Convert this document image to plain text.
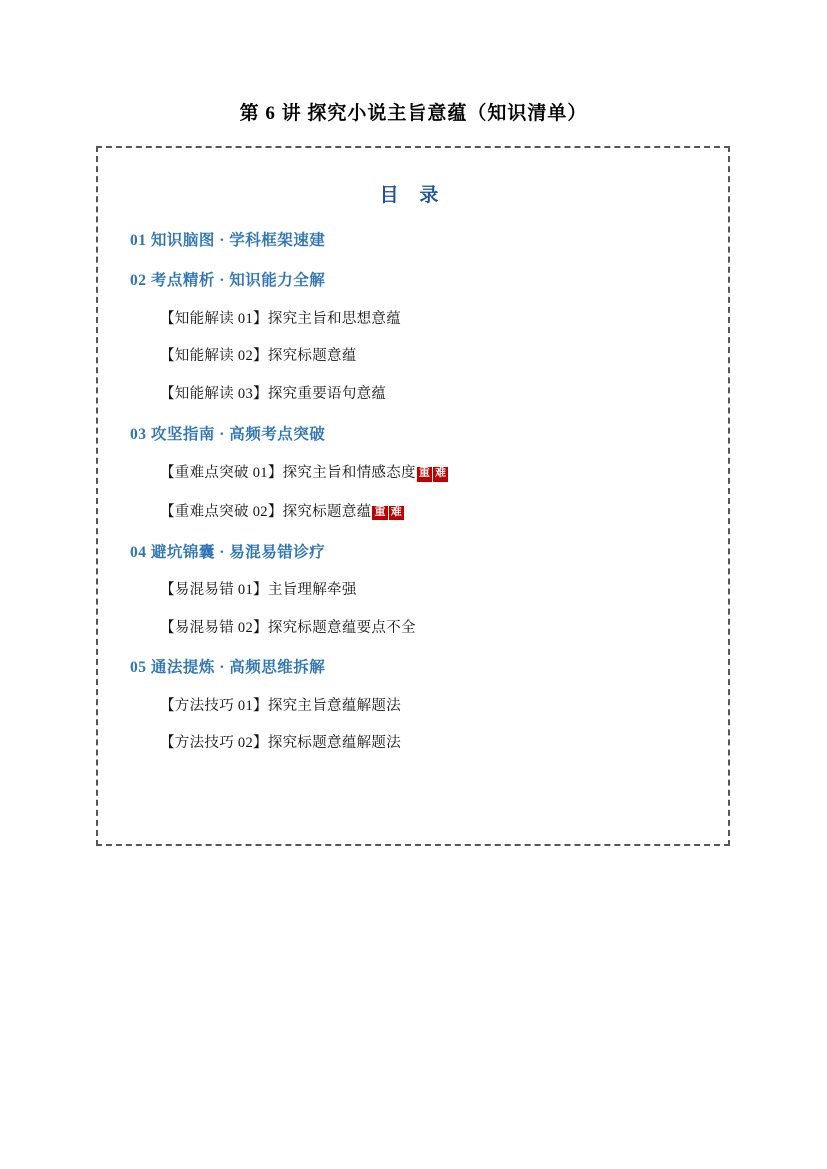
第 6 讲 探究小说主旨意蕴（知识清单）
目 录
01 知识脑图 · 学科框架速建
02 考点精析 · 知识能力全解
【知能解读 01】探究主旨和思想意蕴
【知能解读 02】探究标题意蕴
【知能解读 03】探究重要语句意蕴
03 攻坚指南 · 高频考点突破
【重难点突破 01】探究主旨和情感态度 重 难
【重难点突破 02】探究标题意蕴 重 难
04 避坑锦囊 · 易混易错诊疗
【易混易错 01】主旨理解牵强
【易混易错 02】探究标题意蕴要点不全
05 通法提炼 · 高频思维拆解
【方法技巧 01】探究主旨意蕴解题法
【方法技巧 02】探究标题意蕴解题法
